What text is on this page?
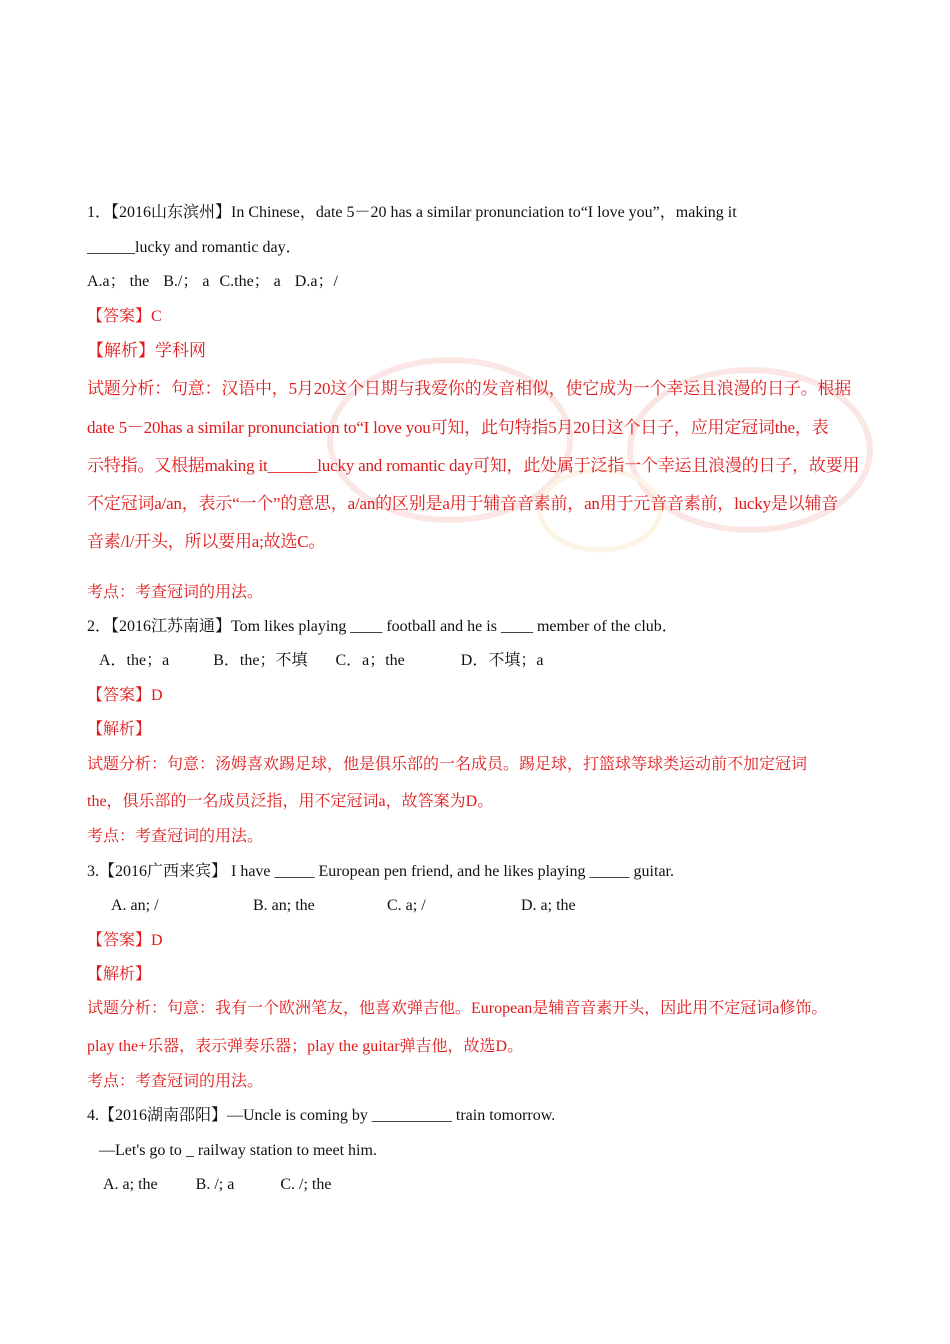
1．【2016山东滨州】In Chinese，date 5－20 has a similar pronunciation to“I love you”，making it
______lucky and romantic day．
A.a； the B./； a C.the； a D.a；/
【答案】C
【解析】学科网
试题分析：句意：汉语中，5月20这个日期与我爱你的发音相似，使它成为一个幸运且浪漫的日子。根据
date 5－20has a similar pronunciation to“I love you可知，此句特指5月20日这个日子，应用定冠词the，表
示特指。又根据making it______lucky and romantic day可知，此处属于泛指一个幸运且浪漫的日子，故要用
不定冠词a/an，表示“一个”的意思，a/an的区别是a用于辅音音素前，an用于元音音素前，lucky是以辅音
音素/l/开头，所以要用a;故选C。
考点：考查冠词的用法。
2．【2016江苏南通】Tom likes playing ____ football and he is ____ member of the club．
A．the；a	B．the；不填 C．a；the	D．不填；a
【答案】D
【解析】
试题分析：句意：汤姆喜欢踢足球，他是俱乐部的一名成员。踢足球，打篮球等球类运动前不加定冠词
the，俱乐部的一名成员泛指，用不定冠词a，故答案为D。
考点：考查冠词的用法。
3.【2016广西来宾】 I have _____ European pen friend, and he likes playing _____ guitar.
A. an; /	B. an; the	C. a; /	D. a; the
【答案】D
【解析】
试题分析：句意：我有一个欧洲笔友，他喜欢弹吉他。European是辅音音素开头，因此用不定冠词a修饰。
play the+乐器，表示弹奏乐器；play the guitar弹吉他，故选D。
考点：考查冠词的用法。
4.【2016湖南邵阳】—Uncle is coming by __________ train tomorrow.
—Let's go to _ railway station to meet him.
A. a; the B. /; a	C. /; the
